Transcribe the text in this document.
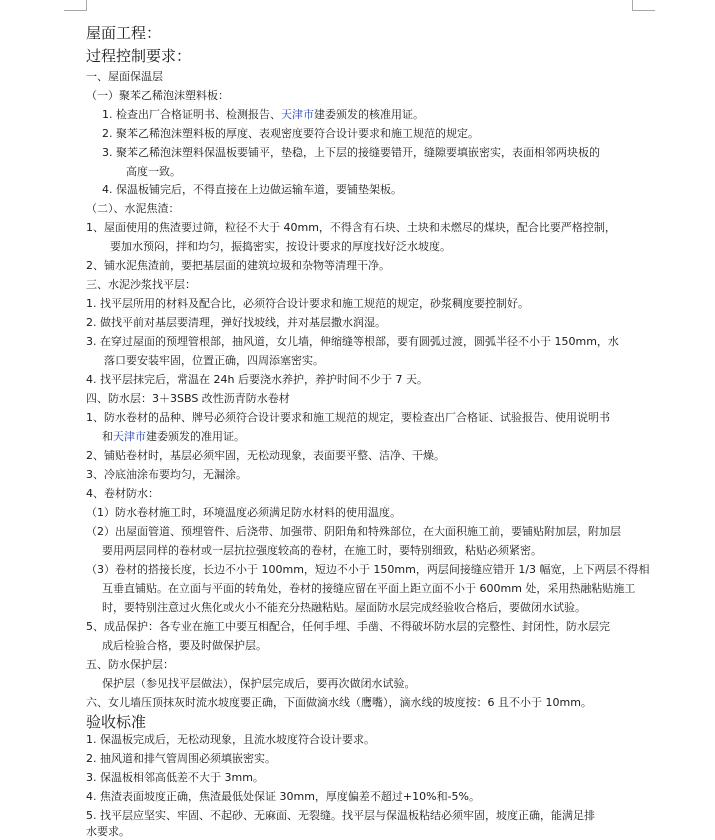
屋面工程：
过程控制要求：
一、屋面保温层
（一）聚苯乙稀泡沫塑料板：
1. 检查出厂合格证明书、检测报告、天津市建委颁发的核准用证。
2. 聚苯乙稀泡沫塑料板的厚度、表观密度要符合设计要求和施工规范的规定。
3. 聚苯乙稀泡沫塑料保温板要铺平，垫稳，上下层的接缝要错开，缝隙要填嵌密实，表面相邻两块板的
高度一致。
4. 保温板铺完后，不得直接在上边做运输车道，要铺垫架板。
（二）、水泥焦渣：
1、屋面使用的焦渣要过筛，粒径不大于 40mm，不得含有石块、土块和未燃尽的煤块，配合比要严格控制，
要加水预闷，拌和均匀，振捣密实，按设计要求的厚度找好泛水坡度。
2、铺水泥焦渣前，要把基层面的建筑垃圾和杂物等清理干净。
三、水泥沙浆找平层：
1. 找平层所用的材料及配合比，必须符合设计要求和施工规范的规定，砂浆稠度要控制好。
2. 做找平前对基层要清理，弹好找坡线，并对基层撒水润湿。
3. 在穿过屋面的预埋管根部，抽风道，女儿墙，伸缩缝等根部，要有圆弧过渡，圆弧半径不小于 150mm，水
落口要安装牢固，位置正确，四周添塞密实。
4. 找平层抹完后，常温在 24h 后要浇水养护，养护时间不少于 7 天。
四、防水层：3＋3SBS 改性沥青防水卷材
1、防水卷材的品种、牌号必须符合设计要求和施工规范的规定，要检查出厂合格证、试验报告、使用说明书
和天津市建委颁发的准用证。
2、铺贴卷材时，基层必须牢固，无松动现象，表面要平整、洁净、干燥。
3、冷底油涂布要均匀，无漏涂。
4、卷材防水：
（1）防水卷材施工时，环境温度必须满足防水材料的使用温度。
（2）出屋面管道、预埋管件、后浇带、加强带、阴阳角和特殊部位，在大面积施工前，要铺贴附加层，附加层
要用两层同样的卷材或一层抗拉强度较高的卷材，在施工时，要特别细致，粘贴必须紧密。
（3）卷材的搭接长度，长边不小于 100mm，短边不小于 150mm，两层间接缝应错开 1/3 幅宽，上下两层不得相
互垂直铺贴。在立面与平面的转角处，卷材的接缝应留在平面上距立面不小于 600mm 处，采用热融粘贴施工
时，要特别注意过火焦化或火小不能充分热融粘贴。屋面防水层完成经验收合格后，要做闭水试验。
5、成品保护：各专业在施工中要互相配合，任何手埋、手凿、不得破坏防水层的完整性、封闭性，防水层完
成后检验合格，要及时做保护层。
五、防水保护层：
保护层（参见找平层做法），保护层完成后，要再次做闭水试验。
六、女儿墙压顶抹灰时流水坡度要正确，下面做滴水线（鹰嘴），滴水线的坡度按：6 且不小于 10mm。
验收标准
1. 保温板完成后，无松动现象，且流水坡度符合设计要求。
2. 抽风道和排气管周围必须填嵌密实。
3. 保温板相邻高低差不大于 3mm。
4. 焦渣表面坡度正确，焦渣最低处保证 30mm，厚度偏差不超过+10%和-5%。
5. 找平层应坚实、牢固、不起砂、无麻面、无裂缝。找平层与保温板粘结必须牢固，坡度正确，能满足排
水要求。
